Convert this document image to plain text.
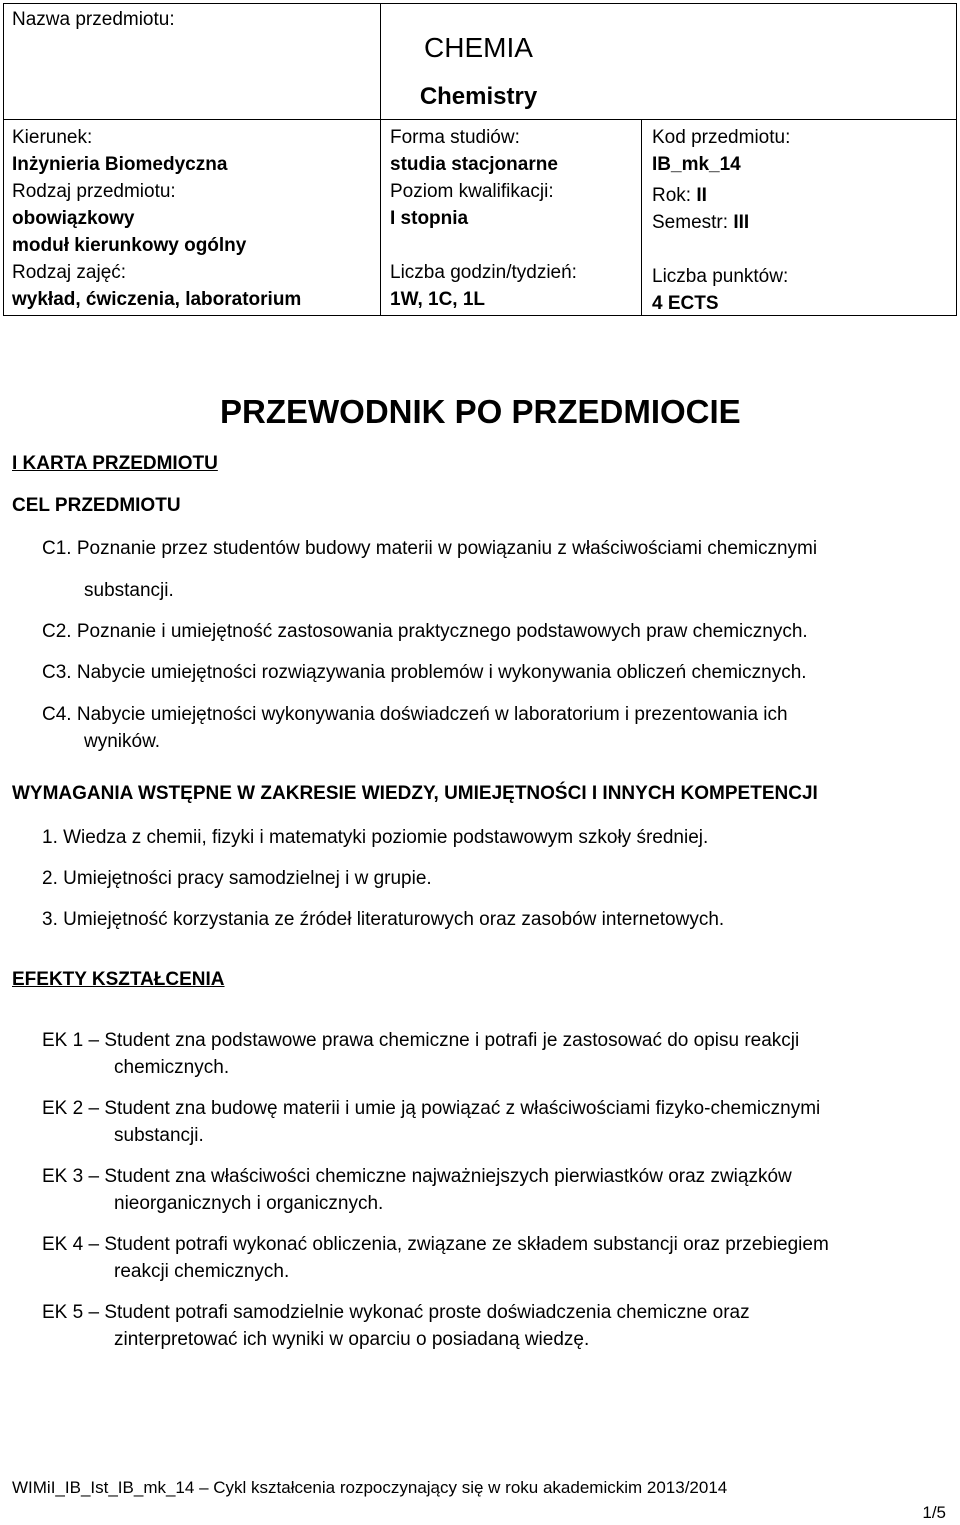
Nazwa przedmiotu:
CHEMIA
Chemistry
Kierunek:
Inżynieria Biomedyczna
Rodzaj przedmiotu:
obowiązkowy
moduł kierunkowy ogólny
Rodzaj zajęć:
wykład, ćwiczenia, laboratorium
Forma studiów:
studia stacjonarne
Poziom kwalifikacji:
I stopnia
Liczba godzin/tydzień:
1W, 1C, 1L
Kod przedmiotu:
IB_mk_14
Rok: II
Semestr: III
Liczba punktów:
4 ECTS
PRZEWODNIK PO PRZEDMIOCIE
I KARTA PRZEDMIOTU
CEL PRZEDMIOTU
C1. Poznanie przez studentów budowy materii w powiązaniu z właściwościami chemicznymi
substancji.
C2. Poznanie i umiejętność zastosowania praktycznego podstawowych praw chemicznych.
C3. Nabycie umiejętności rozwiązywania problemów i wykonywania obliczeń chemicznych.
C4. Nabycie umiejętności wykonywania doświadczeń w laboratorium i prezentowania ich
wyników.
WYMAGANIA WSTĘPNE W ZAKRESIE WIEDZY, UMIEJĘTNOŚCI I INNYCH KOMPETENCJI
1. Wiedza z chemii, fizyki i matematyki poziomie podstawowym szkoły średniej.
2. Umiejętności pracy samodzielnej i w grupie.
3. Umiejętność korzystania ze źródeł literaturowych oraz zasobów internetowych.
EFEKTY KSZTAŁCENIA
EK 1 – Student zna podstawowe prawa chemiczne i potrafi je zastosować do opisu reakcji
chemicznych.
EK 2 – Student zna budowę materii i umie ją powiązać z właściwościami fizyko-chemicznymi
substancji.
EK 3 – Student zna właściwości chemiczne najważniejszych pierwiastków oraz związków
nieorganicznych i organicznych.
EK 4 – Student potrafi wykonać obliczenia, związane ze składem substancji oraz przebiegiem
reakcji chemicznych.
EK 5 – Student potrafi samodzielnie wykonać proste doświadczenia chemiczne oraz
zinterpretować ich wyniki w oparciu o posiadaną wiedzę.
WIMiI_IB_Ist_IB_mk_14 – Cykl kształcenia rozpoczynający się w roku akademickim 2013/2014
1/5
